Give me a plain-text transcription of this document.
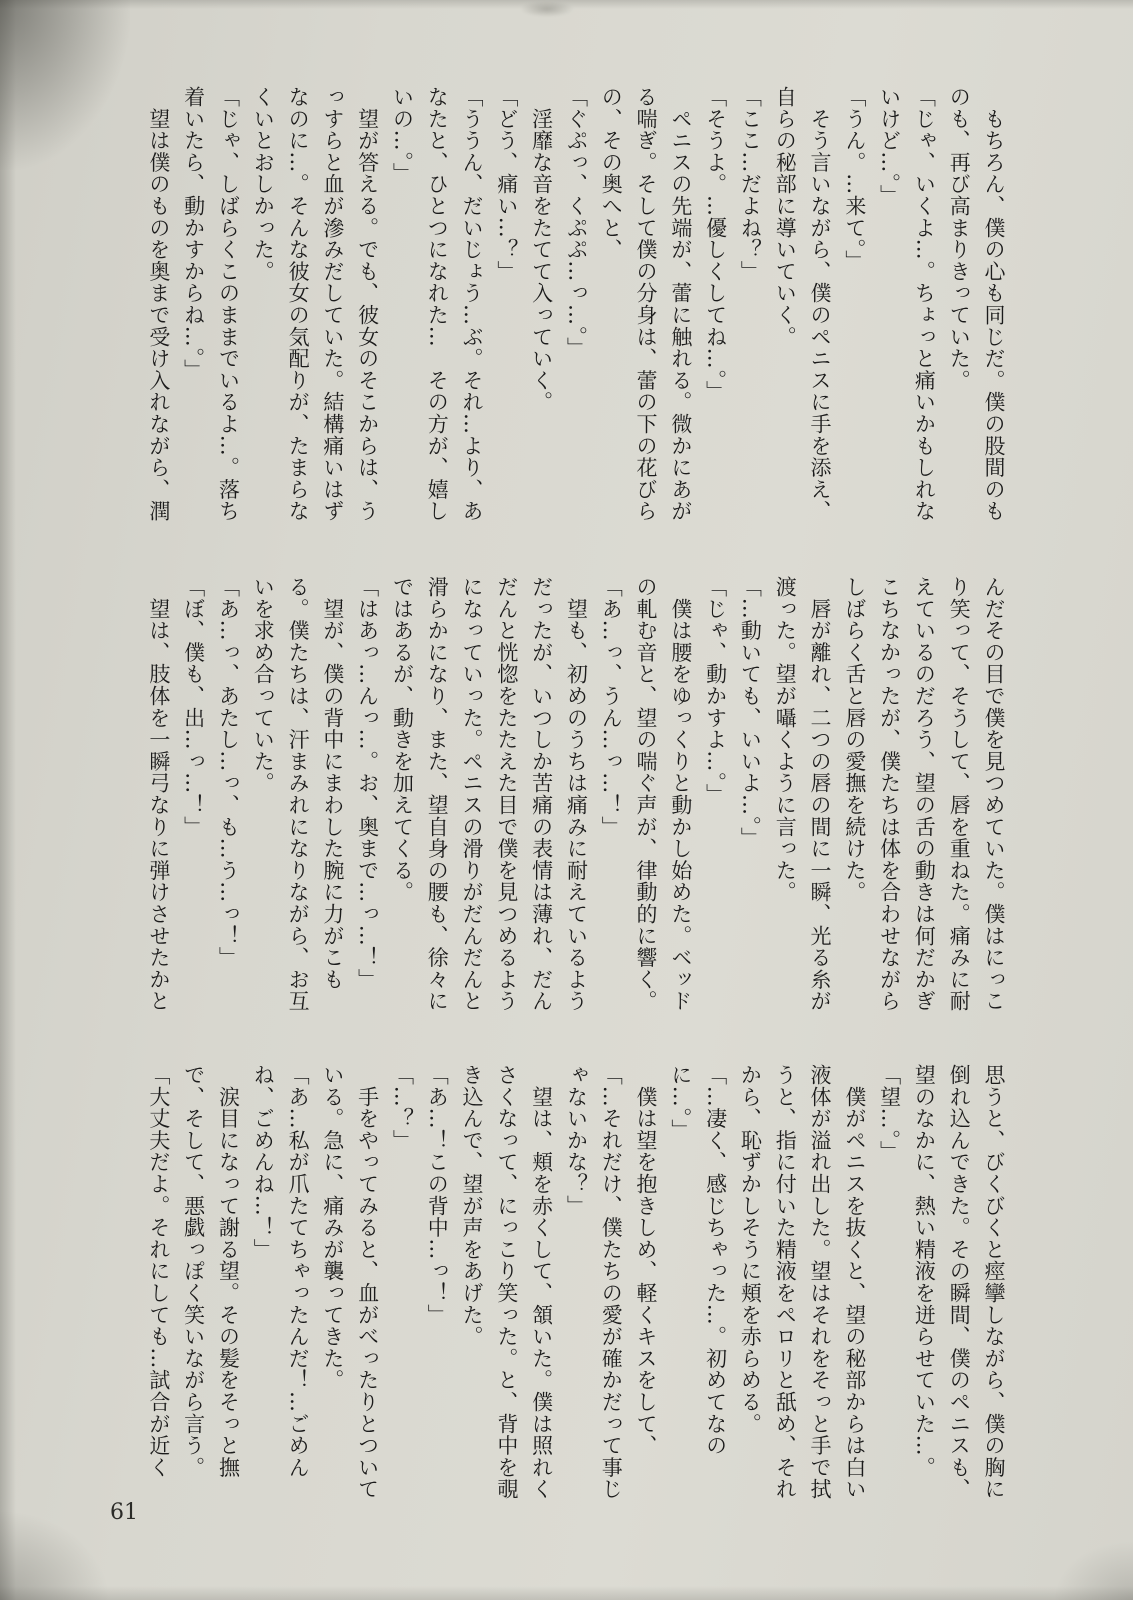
　もちろん、僕の心も同じだ。僕の股間のものも、再び高まりきっていた。

「じゃ、いくよ…。ちょっと痛いかもしれないけど…。」

「うん。…来て。」

　そう言いながら、僕のペニスに手を添え、自らの秘部に導いていく。

「ここ…だよね？」

「そうよ。…優しくしてね…。」

　ペニスの先端が、蕾に触れる。微かにあがる喘ぎ。そして僕の分身は、蕾の下の花びらの、その奥へと、

「ぐぷっ、くぷぷ…っ…。」

　淫靡な音をたてて入っていく。

「どう、痛い…？」

「ううん、だいじょう…ぶ。それ…より、あなたと、ひとつになれた…　その方が、嬉しいの…。」

　望が答える。でも、彼女のそこからは、うっすらと血が滲みだしていた。結構痛いはずなのに…。そんな彼女の気配りが、たまらなくいとおしかった。

「じゃ、しばらくこのままでいるよ…。落ち着いたら、動かすからね…。」

　望は僕のものを奥まで受け入れながら、潤

んだその目で僕を見つめていた。僕はにっこり笑って、そうして、唇を重ねた。痛みに耐えているのだろう、望の舌の動きは何だかぎこちなかったが、僕たちは体を合わせながらしばらく舌と唇の愛撫を続けた。

　唇が離れ、二つの唇の間に一瞬、光る糸が渡った。望が囁くように言った。

「…動いても、いいよ…。」

「じゃ、動かすよ…。」

　僕は腰をゆっくりと動かし始めた。ベッドの軋む音と、望の喘ぐ声が、律動的に響く。

「あ…っ、うん…っ…！」

　望も、初めのうちは痛みに耐えているようだったが、いつしか苦痛の表情は薄れ、だんだんと恍惚をたたえた目で僕を見つめるようになっていった。ペニスの滑りがだんだんと滑らかになり、また、望自身の腰も、徐々にではあるが、動きを加えてくる。

「はあっ…んっ…。お、奥まで…っ…！」

　望が、僕の背中にまわした腕に力がこもる。僕たちは、汗まみれになりながら、お互いを求め合っていた。

「あ…っ、あたし…っ、も…う…っ！」

「ぼ、僕も、出…っ…！」

　望は、肢体を一瞬弓なりに弾けさせたかと

思うと、びくびくと痙攣しながら、僕の胸に倒れ込んできた。その瞬間、僕のペニスも、望のなかに、熱い精液を迸らせていた…。

「望…。」

　僕がペニスを抜くと、望の秘部からは白い液体が溢れ出した。望はそれをそっと手で拭うと、指に付いた精液をペロリと舐め、それから、恥ずかしそうに頬を赤らめる。

「…凄く、感じちゃった…。初めてなのに…。」

　僕は望を抱きしめ、軽くキスをして、

「…それだけ、僕たちの愛が確かだって事じゃないかな？」

　望は、頬を赤くして、頷いた。僕は照れくさくなって、にっこり笑った。と、背中を覗き込んで、望が声をあげた。

「あ…！この背中…っ！」

「…？」

　手をやってみると、血がべったりとついている。急に、痛みが襲ってきた。

「あ…私が爪たてちゃったんだ！…ごめんね、ごめんね…！」

　涙目になって謝る望。その髪をそっと撫で、そして、悪戯っぽく笑いながら言う。

「大丈夫だよ。それにしても…試合が近く

61
